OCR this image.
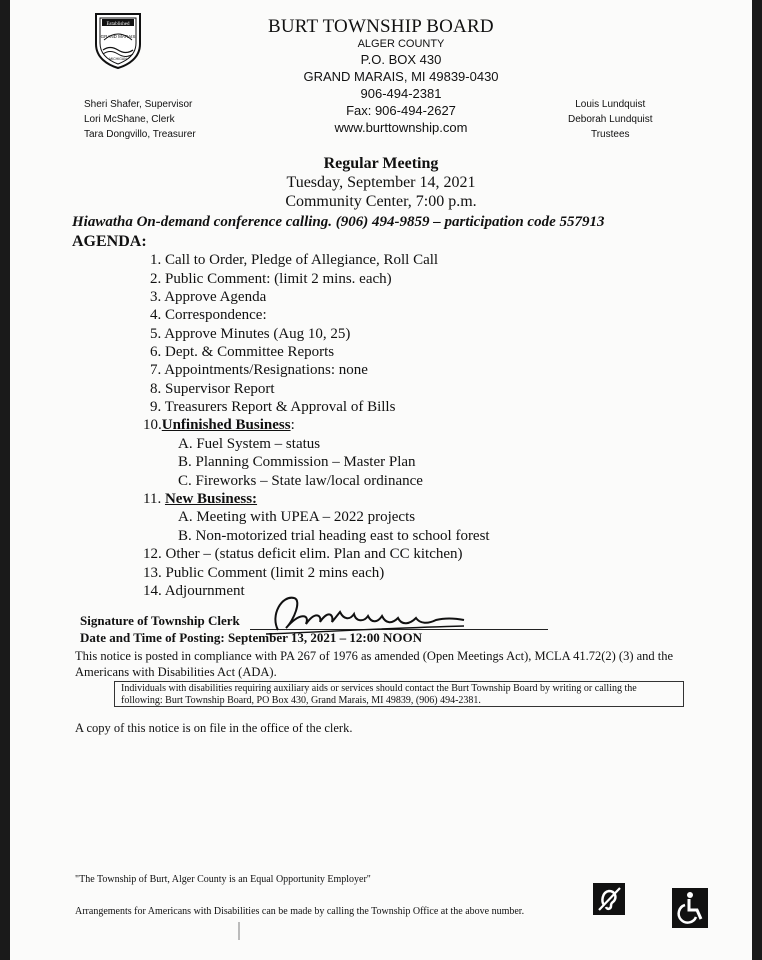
Established
GRAND MARAIS
MICHIGAN
BURT TOWNSHIP BOARD
ALGER COUNTY
P.O. BOX 430
GRAND MARAIS, MI 49839-0430
906-494-2381
Fax: 906-494-2627
www.burttownship.com
Sheri Shafer, Supervisor
Lori McShane, Clerk
Tara Dongvillo, Treasurer
Louis Lundquist
Deborah Lundquist
Trustees
Regular Meeting
Tuesday, September 14, 2021
Community Center, 7:00 p.m.
Hiawatha On-demand conference calling. (906) 494-9859 – participation code 557913
AGENDA:
1. Call to Order, Pledge of Allegiance, Roll Call
2. Public Comment: (limit 2 mins. each)
3. Approve Agenda
4. Correspondence:
5. Approve Minutes (Aug 10, 25)
6. Dept. & Committee Reports
7. Appointments/Resignations: none
8. Supervisor Report
9. Treasurers Report & Approval of Bills
10.Unfinished Business:
A. Fuel System – status
B. Planning Commission – Master Plan
C. Fireworks – State law/local ordinance
11. New Business:
A. Meeting with UPEA – 2022 projects
B. Non-motorized trial heading east to school forest
12. Other – (status deficit elim. Plan and CC kitchen)
13. Public Comment (limit 2 mins each)
14. Adjournment
Signature of Township Clerk
Lori McShane
Date and Time of Posting: September 13, 2021 – 12:00 NOON
This notice is posted in compliance with PA 267 of 1976 as amended (Open Meetings Act), MCLA 41.72(2) (3) and the Americans with Disabilities Act (ADA).
Individuals with disabilities requiring auxiliary aids or services should contact the Burt Township Board by writing or calling the following: Burt Township Board, PO Box 430, Grand Marais, MI 49839, (906) 494-2381.
A copy of this notice is on file in the office of the clerk.
"The Township of Burt, Alger County is an Equal Opportunity Employer"
Arrangements for Americans with Disabilities can be made by calling the Township Office at the above number.
